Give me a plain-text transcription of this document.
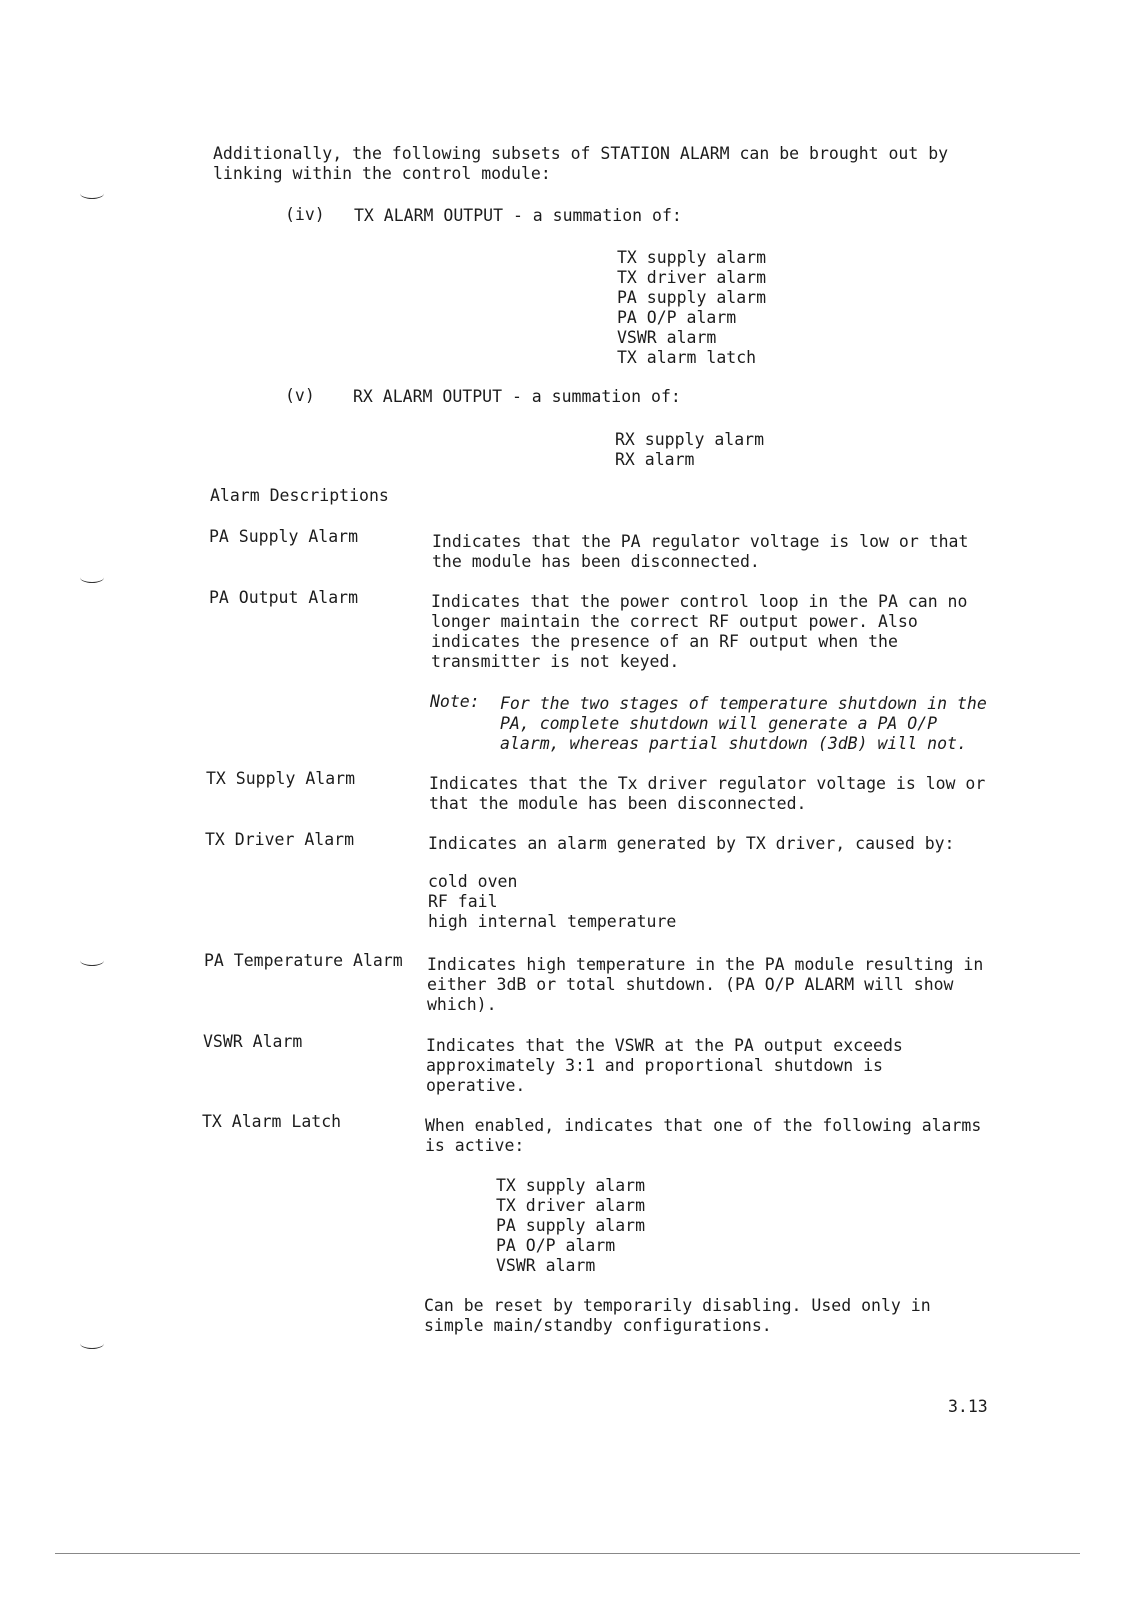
Additionally, the following subsets of STATION ALARM can be brought out by
linking within the control module:
(iv) TX ALARM OUTPUT - a summation of:
TX supply alarm
TX driver alarm
PA supply alarm
PA O/P alarm
VSWR alarm
TX alarm latch
(v) RX ALARM OUTPUT - a summation of:
RX supply alarm
RX alarm
Alarm Descriptions
PA Supply Alarm	Indicates that the PA regulator voltage is low or that
the module has been disconnected.
PA Output Alarm	Indicates that the power control loop in the PA can no
longer maintain the correct RF output power. Also
indicates the presence of an RF output when the
transmitter is not keyed.
Note: For the two stages of temperature shutdown in the
PA, complete shutdown will generate a PA O/P
alarm, whereas partial shutdown (3dB) will not.
TX Supply Alarm	Indicates that the Tx driver regulator voltage is low or
that the module has been disconnected.
TX Driver Alarm	Indicates an alarm generated by TX driver, caused by:
cold oven
RF fail
high internal temperature
PA Temperature Alarm Indicates high temperature in the PA module resulting in
either 3dB or total shutdown. (PA O/P ALARM will show
which).
VSWR Alarm	Indicates that the VSWR at the PA output exceeds
approximately 3:1 and proportional shutdown is
operative.
TX Alarm Latch	When enabled, indicates that one of the following alarms
is active:
TX supply alarm
TX driver alarm
PA supply alarm
PA O/P alarm
VSWR alarm
Can be reset by temporarily disabling. Used only in
simple main/standby configurations.
3.13
